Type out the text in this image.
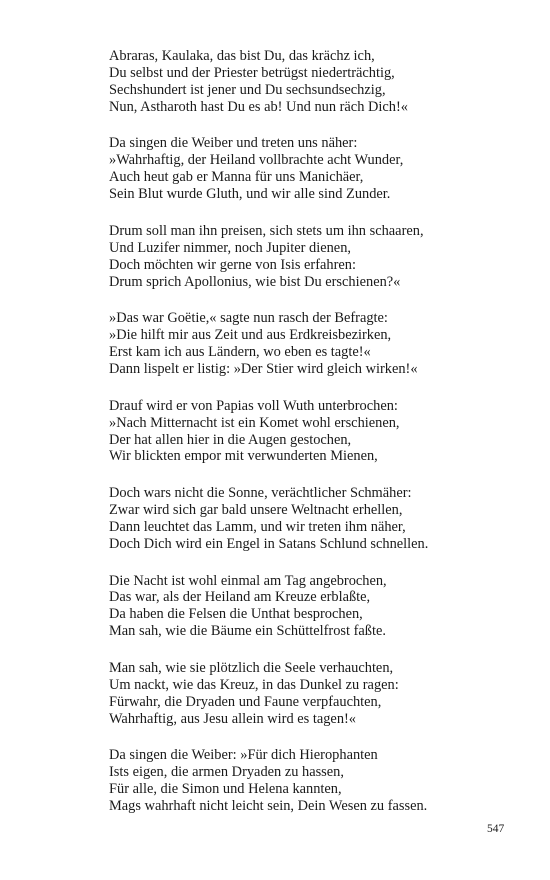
Abraras, Kaulaka, das bist Du, das krächz ich,
Du selbst und der Priester betrügst niederträchtig,
Sechshundert ist jener und Du sechsundsechzig,
Nun, Astharoth hast Du es ab! Und nun räch Dich!«
Da singen die Weiber und treten uns näher:
»Wahrhaftig, der Heiland vollbrachte acht Wunder,
Auch heut gab er Manna für uns Manichäer,
Sein Blut wurde Gluth, und wir alle sind Zunder.
Drum soll man ihn preisen, sich stets um ihn schaaren,
Und Luzifer nimmer, noch Jupiter dienen,
Doch möchten wir gerne von Isis erfahren:
Drum sprich Apollonius, wie bist Du erschienen?«
»Das war Goëtie,« sagte nun rasch der Befragte:
»Die hilft mir aus Zeit und aus Erdkreisbezirken,
Erst kam ich aus Ländern, wo eben es tagte!«
Dann lispelt er listig: »Der Stier wird gleich wirken!«
Drauf wird er von Papias voll Wuth unterbrochen:
»Nach Mitternacht ist ein Komet wohl erschienen,
Der hat allen hier in die Augen gestochen,
Wir blickten empor mit verwunderten Mienen,
Doch wars nicht die Sonne, verächtlicher Schmäher:
Zwar wird sich gar bald unsere Weltnacht erhellen,
Dann leuchtet das Lamm, und wir treten ihm näher,
Doch Dich wird ein Engel in Satans Schlund schnellen.
Die Nacht ist wohl einmal am Tag angebrochen,
Das war, als der Heiland am Kreuze erblaßte,
Da haben die Felsen die Unthat besprochen,
Man sah, wie die Bäume ein Schüttelfrost faßte.
Man sah, wie sie plötzlich die Seele verhauchten,
Um nackt, wie das Kreuz, in das Dunkel zu ragen:
Fürwahr, die Dryaden und Faune verpfauchten,
Wahrhaftig, aus Jesu allein wird es tagen!«
Da singen die Weiber: »Für dich Hierophanten
Ists eigen, die armen Dryaden zu hassen,
Für alle, die Simon und Helena kannten,
Mags wahrhaft nicht leicht sein, Dein Wesen zu fassen.
547
